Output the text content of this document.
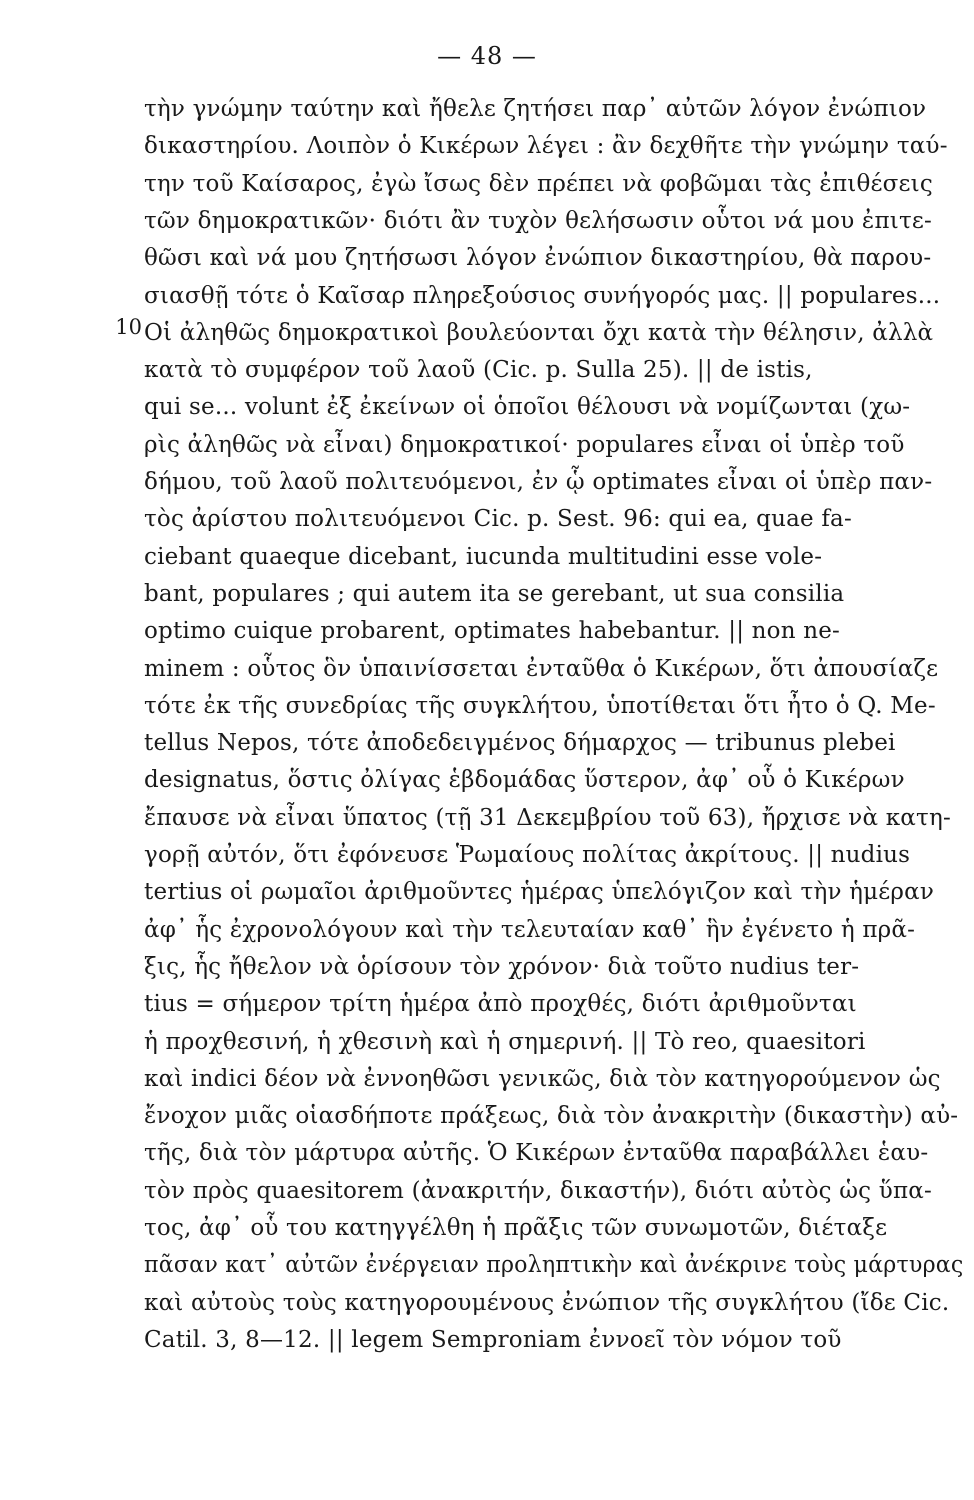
— 48 —
10
τὴν γνώμην ταύτην καὶ ἤθελε ζητήσει παρ᾽ αὐτῶν λόγον ἐνώπιον
δικαστηρίου. Λοιπὸν ὁ Κικέρων λέγει : ἂν δεχθῆτε τὴν γνώμην ταύ-
την τοῦ Καίσαρος, ἐγὼ ἴσως δὲν πρέπει νὰ φοβῶμαι τὰς ἐπιθέσεις
τῶν δημοκρατικῶν· διότι ἂν τυχὸν θελήσωσιν οὗτοι νά μου ἐπιτε-
θῶσι καὶ νά μου ζητήσωσι λόγον ἐνώπιον δικαστηρίου, θὰ παρου-
σιασθῇ τότε ὁ Καῖσαρ πληρεξούσιος συνήγορός μας. || populares...
Οἱ ἀληθῶς δημοκρατικοὶ βουλεύονται ὄχι κατὰ τὴν θέλησιν, ἀλλὰ
κατὰ τὸ συμφέρον τοῦ λαοῦ (Cic. p. Sulla 25). || de istis,
qui se... volunt ἐξ ἐκείνων οἱ ὁποῖοι θέλουσι νὰ νομίζωνται (χω-
ρὶς ἀληθῶς νὰ εἶναι) δημοκρατικοί· populares εἶναι οἱ ὑπὲρ τοῦ
δήμου, τοῦ λαοῦ πολιτευόμενοι, ἐν ᾧ optimates εἶναι οἱ ὑπὲρ παν-
τὸς ἀρίστου πολιτευόμενοι Cic. p. Sest. 96: qui ea, quae fa-
ciebant quaeque dicebant, iucunda multitudini esse vole-
bant, populares ; qui autem ita se gerebant, ut sua consilia
optimo cuique probarent, optimates habebantur. || non ne-
minem : οὗτος ὃν ὑπαινίσσεται ἐνταῦθα ὁ Κικέρων, ὅτι ἀπουσίαζε
τότε ἐκ τῆς συνεδρίας τῆς συγκλήτου, ὑποτίθεται ὅτι ἦτο ὁ Q. Me-
tellus Nepos, τότε ἀποδεδειγμένος δήμαρχος — tribunus plebei
designatus, ὅστις ὀλίγας ἑβδομάδας ὕστερον, ἀφ᾽ οὗ ὁ Κικέρων
ἔπαυσε νὰ εἶναι ὕπατος (τῇ 31 Δεκεμβρίου τοῦ 63), ἤρχισε νὰ κατη-
γορῇ αὐτόν, ὅτι ἐφόνευσε Ῥωμαίους πολίτας ἀκρίτους. || nudius
tertius οἱ ρωμαῖοι ἀριθμοῦντες ἡμέρας ὑπελόγιζον καὶ τὴν ἡμέραν
ἀφ᾽ ἧς ἐχρονολόγουν καὶ τὴν τελευταίαν καθ᾽ ἣν ἐγένετο ἡ πρᾶ-
ξις, ἧς ἤθελον νὰ ὁρίσουν τὸν χρόνον· διὰ τοῦτο nudius ter-
tius = σήμερον τρίτη ἡμέρα ἀπὸ προχθές, διότι ἀριθμοῦνται
ἡ προχθεσινή, ἡ χθεσινὴ καὶ ἡ σημερινή. || Τὸ reo, quaesitori
καὶ indici δέον νὰ ἐννοηθῶσι γενικῶς, διὰ τὸν κατηγορούμενον ὡς
ἔνοχον μιᾶς οἱασδήποτε πράξεως, διὰ τὸν ἀνακριτὴν (δικαστὴν) αὐ-
τῆς, διὰ τὸν μάρτυρα αὐτῆς. Ὁ Κικέρων ἐνταῦθα παραβάλλει ἑαυ-
τὸν πρὸς quaesitorem (ἀνακριτήν, δικαστήν), διότι αὐτὸς ὡς ὕπα-
τος, ἀφ᾽ οὗ του κατηγγέλθη ἡ πρᾶξις τῶν συνωμοτῶν, διέταξε
πᾶσαν κατ᾽ αὐτῶν ἐνέργειαν προληπτικὴν καὶ ἀνέκρινε τοὺς μάρτυρας
καὶ αὐτοὺς τοὺς κατηγορουμένους ἐνώπιον τῆς συγκλήτου (ἴδε Cic.
Catil. 3, 8—12. || legem Semproniam ἐννοεῖ τὸν νόμον τοῦ
